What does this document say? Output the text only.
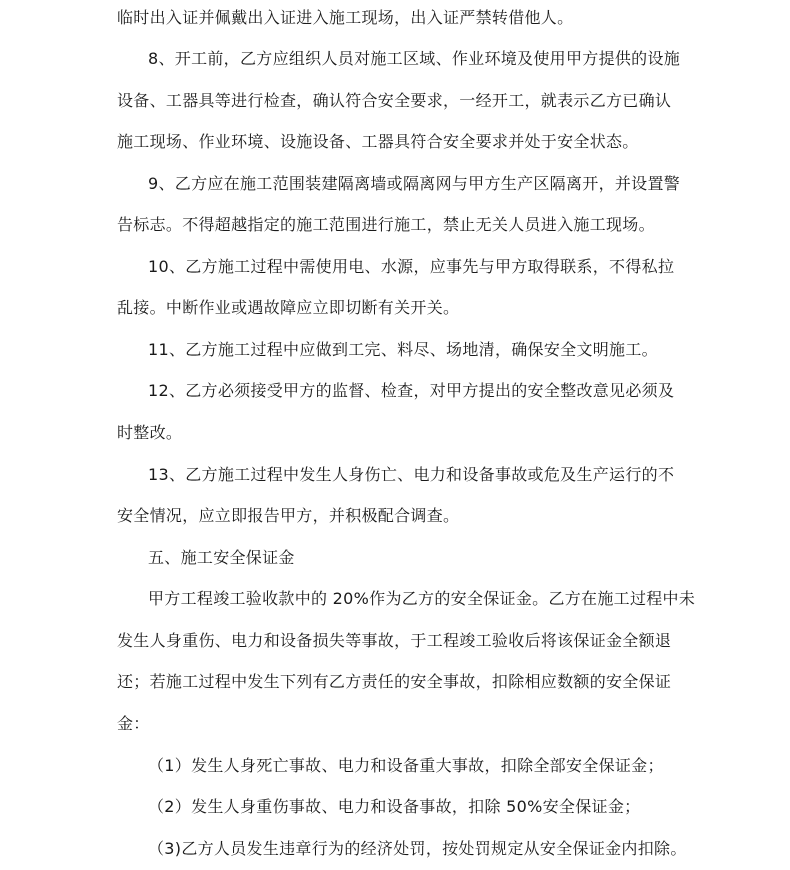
临时出入证并佩戴出入证进入施工现场，出入证严禁转借他人。
8、开工前，乙方应组织人员对施工区域、作业环境及使用甲方提供的设施
设备、工器具等进行检查，确认符合安全要求，一经开工，就表示乙方已确认
施工现场、作业环境、设施设备、工器具符合安全要求并处于安全状态。
9、乙方应在施工范围装建隔离墙或隔离网与甲方生产区隔离开，并设置警
告标志。不得超越指定的施工范围进行施工，禁止无关人员进入施工现场。
10、乙方施工过程中需使用电、水源，应事先与甲方取得联系，不得私拉
乱接。中断作业或遇故障应立即切断有关开关。
11、乙方施工过程中应做到工完、料尽、场地清，确保安全文明施工。
12、乙方必须接受甲方的监督、检查，对甲方提出的安全整改意见必须及
时整改。
13、乙方施工过程中发生人身伤亡、电力和设备事故或危及生产运行的不
安全情况，应立即报告甲方，并积极配合调查。
五、施工安全保证金
甲方工程竣工验收款中的 20%作为乙方的安全保证金。乙方在施工过程中未
发生人身重伤、电力和设备损失等事故，于工程竣工验收后将该保证金全额退
还；若施工过程中发生下列有乙方责任的安全事故，扣除相应数额的安全保证
金：
（1）发生人身死亡事故、电力和设备重大事故，扣除全部安全保证金；
（2）发生人身重伤事故、电力和设备事故，扣除 50%安全保证金；
（3)乙方人员发生违章行为的经济处罚，按处罚规定从安全保证金内扣除。
